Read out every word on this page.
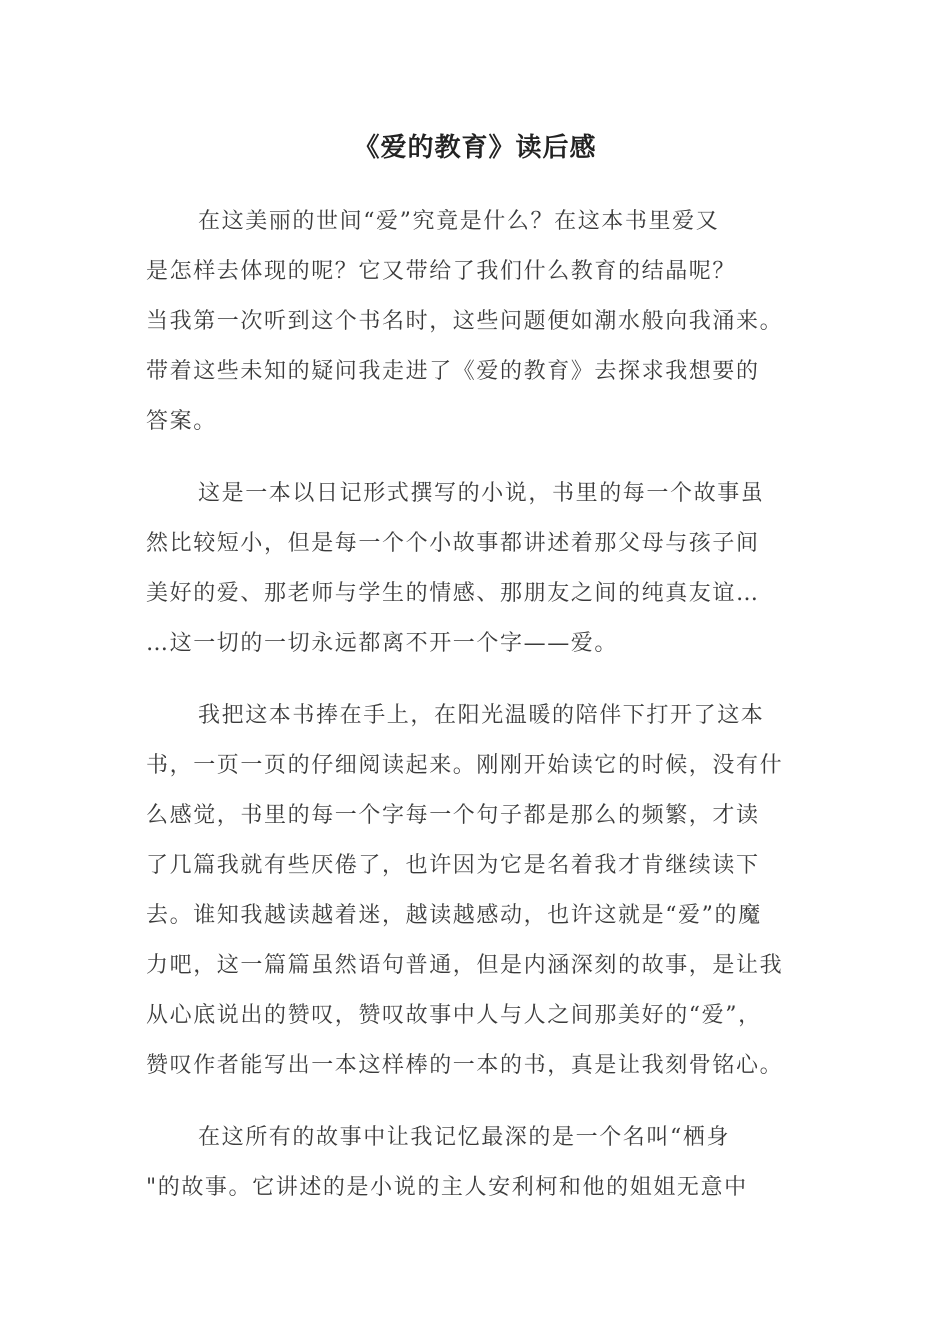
《爱的教育》读后感
在这美丽的世间“爱”究竟是什么？在这本书里爱又
是怎样去体现的呢？它又带给了我们什么教育的结晶呢？
当我第一次听到这个书名时，这些问题便如潮水般向我涌来。
带着这些未知的疑问我走进了《爱的教育》去探求我想要的
答案。
这是一本以日记形式撰写的小说，书里的每一个故事虽
然比较短小，但是每一个个小故事都讲述着那父母与孩子间
美好的爱、那老师与学生的情感、那朋友之间的纯真友谊…
…这一切的一切永远都离不开一个字——爱。
我把这本书捧在手上，在阳光温暖的陪伴下打开了这本
书，一页一页的仔细阅读起来。刚刚开始读它的时候，没有什
么感觉，书里的每一个字每一个句子都是那么的频繁，才读
了几篇我就有些厌倦了，也许因为它是名着我才肯继续读下
去。谁知我越读越着迷，越读越感动，也许这就是“爱”的魔
力吧，这一篇篇虽然语句普通，但是内涵深刻的故事，是让我
从心底说出的赞叹，赞叹故事中人与人之间那美好的“爱”，
赞叹作者能写出一本这样棒的一本的书，真是让我刻骨铭心。
在这所有的故事中让我记忆最深的是一个名叫“栖身
"的故事。它讲述的是小说的主人安利柯和他的姐姐无意中
